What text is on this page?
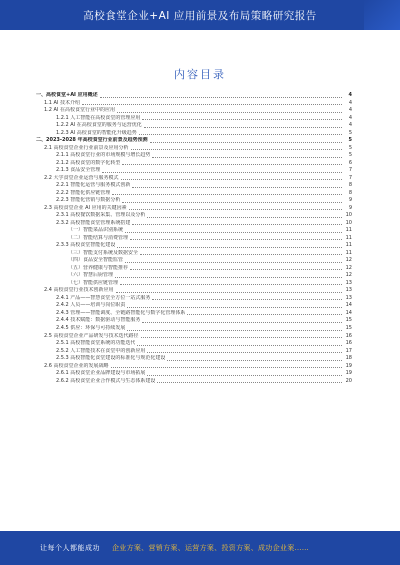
高校食堂企业+AI 应用前景及布局策略研究报告
内容目录
一、高校食堂+AI 应用概述	4
1.1 AI 技术介绍	4
1.2 AI 在高校食堂行业中的应用	4
1.2.1 人工智能在高校食堂的管理应用	4
1.2.2 AI 在高校食堂的服务与运营优化	4
1.2.3 AI 高校食堂的智能化升级趋势	5
二、2023-2028 年高校食堂行业前景及趋势预测	5
2.1 高校食堂企业行业前景及应用分析	5
2.1.1 高校食堂行业的市场规模与增长趋势	5
2.1.2 高校食堂的数字化转型	6
2.1.3 食品安全管理	7
2.2 大学食堂企业运营与服务模式	7
2.2.1 智能化运营与服务模式创新	8
2.2.2 智能化供应链管理	8
2.2.3 智能化营销与数据分析	9
2.3 高校食堂企业 AI 应用的关键因素	9
2.3.1 高校餐饮数据采集、管理以及分析	10
2.3.2 高校智能食堂管理系统搭建	10
（一）智能菜品识别系统	11
（二）智能结算与消费管理	11
2.3.3 高校食堂智能化建设	11
（三）智能支付系统及数据安全	11
（四）食品安全智能监管	12
（五）营养健康与智能推荐	12
（六）智慧后厨管理	12
（七）智能供应链管理	13
2.4 高校食堂行业技术创新应用	13
2.4.1 产品——智慧食堂全方位一站式服务	13
2.4.2 人员——培训与岗位职责	14
2.4.3 管理——智能调度、全链路智能化与数字化管理体系	14
2.4.4 技术赋能：数据驱动与智能服务	15
2.4.5 供应：环保与可持续发展	15
2.5 高校食堂企业产品研发与技术迭代路径	16
2.5.1 高校智能食堂系统的功能迭代	16
2.5.2 人工智能技术在食堂中的创新应用	17
2.5.3 高校智能化食堂建设的标准化与规范化建设	18
2.6 高校食堂企业的发展战略	19
2.6.1 高校食堂企业品牌建设与市场拓展	19
2.6.2 高校食堂企业合作模式与生态体系建设	20
让每个人都能成功 企业方案、营销方案、运营方案、投资方案、成功企业案……
